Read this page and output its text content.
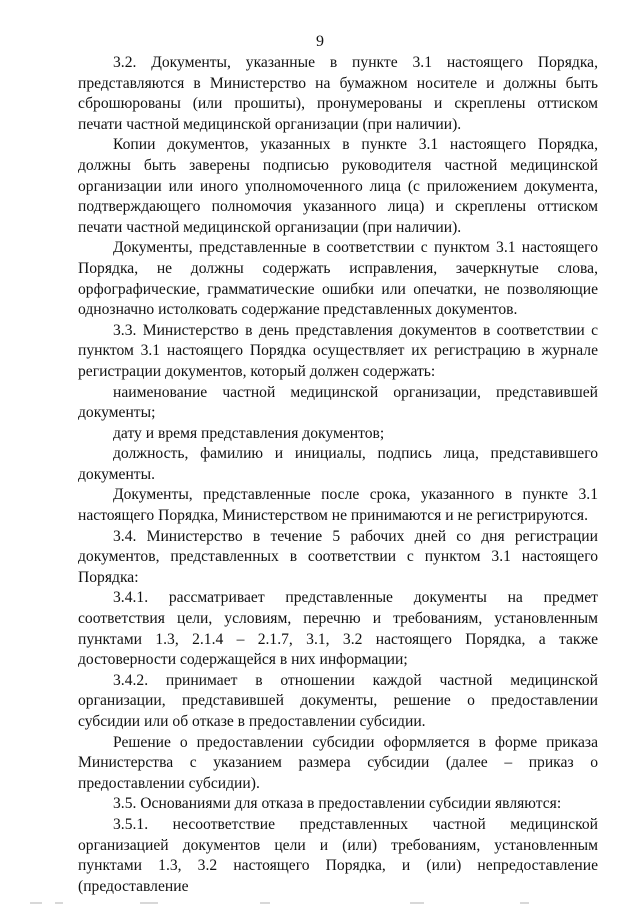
9

3.2. Документы, указанные в пункте 3.1 настоящего Порядка, представляются в Министерство на бумажном носителе и должны быть сброшюрованы (или прошиты), пронумерованы и скреплены оттиском печати частной медицинской организации (при наличии).

Копии документов, указанных в пункте 3.1 настоящего Порядка, должны быть заверены подписью руководителя частной медицинской организации или иного уполномоченного лица (с приложением документа, подтверждающего полномочия указанного лица) и скреплены оттиском печати частной медицинской организации (при наличии).

Документы, представленные в соответствии с пунктом 3.1 настоящего Порядка, не должны содержать исправления, зачеркнутые слова, орфографические, грамматические ошибки или опечатки, не позволяющие однозначно истолковать содержание представленных документов.

3.3. Министерство в день представления документов в соответствии с пунктом 3.1 настоящего Порядка осуществляет их регистрацию в журнале регистрации документов, который должен содержать:

наименование частной медицинской организации, представившей документы;

дату и время представления документов;

должность, фамилию и инициалы, подпись лица, представившего документы.

Документы, представленные после срока, указанного в пункте 3.1 настоящего Порядка, Министерством не принимаются и не регистрируются.

3.4. Министерство в течение 5 рабочих дней со дня регистрации документов, представленных в соответствии с пунктом 3.1 настоящего Порядка:

3.4.1. рассматривает представленные документы на предмет соответствия цели, условиям, перечню и требованиям, установленным пунктами 1.3, 2.1.4 – 2.1.7, 3.1, 3.2 настоящего Порядка, а также достоверности содержащейся в них информации;

3.4.2. принимает в отношении каждой частной медицинской организации, представившей документы, решение о предоставлении субсидии или об отказе в предоставлении субсидии.

Решение о предоставлении субсидии оформляется в форме приказа Министерства с указанием размера субсидии (далее – приказ о предоставлении субсидии).

3.5. Основаниями для отказа в предоставлении субсидии являются:

3.5.1. несоответствие представленных частной медицинской организацией документов цели и (или) требованиям, установленным пунктами 1.3, 3.2 настоящего Порядка, и (или) непредоставление (предоставление
